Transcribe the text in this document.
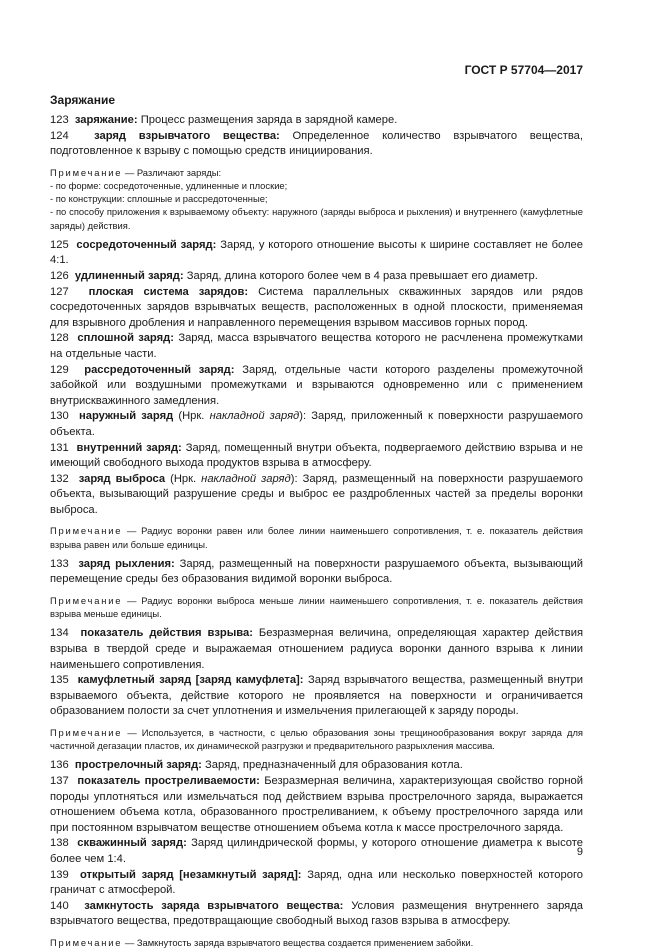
ГОСТ Р 57704—2017
Заряжание

123 заряжание: Процесс размещения заряда в зарядной камере.

124 заряд взрывчатого вещества: Определенное количество взрывчатого вещества, подготовленное к взрыву с помощью средств инициирования.

Примечание — Различают заряды:

- по форме: сосредоточенные, удлиненные и плоские;

- по конструкции: сплошные и рассредоточенные;

- по способу приложения к взрываемому объекту: наружного (заряды выброса и рыхления) и внутреннего (камуфлетные заряды) действия.

125 сосредоточенный заряд: Заряд, у которого отношение высоты к ширине составляет не более 4:1.

126 удлиненный заряд: Заряд, длина которого более чем в 4 раза превышает его диаметр.

127 плоская система зарядов: Система параллельных скважинных зарядов или рядов сосредоточенных зарядов взрывчатых веществ, расположенных в одной плоскости, применяемая для взрывного дробления и направленного перемещения взрывом массивов горных пород.

128 сплошной заряд: Заряд, масса взрывчатого вещества которого не расчленена промежутками на отдельные части.

129 рассредоточенный заряд: Заряд, отдельные части которого разделены промежуточной забойкой или воздушными промежутками и взрываются одновременно или с применением внутрискважинного замедления.

130 наружный заряд (Нрк. накладной заряд): Заряд, приложенный к поверхности разрушаемого объекта.

131 внутренний заряд: Заряд, помещенный внутри объекта, подвергаемого действию взрыва и не имеющий свободного выхода продуктов взрыва в атмосферу.

132 заряд выброса (Нрк. накладной заряд): Заряд, размещенный на поверхности разрушаемого объекта, вызывающий разрушение среды и выброс ее раздробленных частей за пределы воронки выброса.

Примечание — Радиус воронки равен или более линии наименьшего сопротивления, т. е. показатель действия взрыва равен или больше единицы.

133 заряд рыхления: Заряд, размещенный на поверхности разрушаемого объекта, вызывающий перемещение среды без образования видимой воронки выброса.

Примечание — Радиус воронки выброса меньше линии наименьшего сопротивления, т. е. показатель действия взрыва меньше единицы.

134 показатель действия взрыва: Безразмерная величина, определяющая характер действия взрыва в твердой среде и выражаемая отношением радиуса воронки данного взрыва к линии наименьшего сопротивления.

135 камуфлетный заряд [заряд камуфлета]: Заряд взрывчатого вещества, размещенный внутри взрываемого объекта, действие которого не проявляется на поверхности и ограничивается образованием полости за счет уплотнения и измельчения прилегающей к заряду породы.

Примечание — Используется, в частности, с целью образования зоны трещинообразования вокруг заряда для частичной дегазации пластов, их динамической разгрузки и предварительного разрыхления массива.

136 прострелочный заряд: Заряд, предназначенный для образования котла.

137 показатель простреливаемости: Безразмерная величина, характеризующая свойство горной породы уплотняться или измельчаться под действием взрыва прострелочного заряда, выражается отношением объема котла, образованного простреливанием, к объему прострелочного заряда или при постоянном взрывчатом веществе отношением объема котла к массе прострелочного заряда.

138 скважинный заряд: Заряд цилиндрической формы, у которого отношение диаметра к высоте более чем 1:4.

139 открытый заряд [незамкнутый заряд]: Заряд, одна или несколько поверхностей которого граничат с атмосферой.

140 замкнутость заряда взрывчатого вещества: Условия размещения внутреннего заряда взрывчатого вещества, предотвращающие свободный выход газов взрыва в атмосферу.

Примечание — Замкнутость заряда взрывчатого вещества создается применением забойки.

9
